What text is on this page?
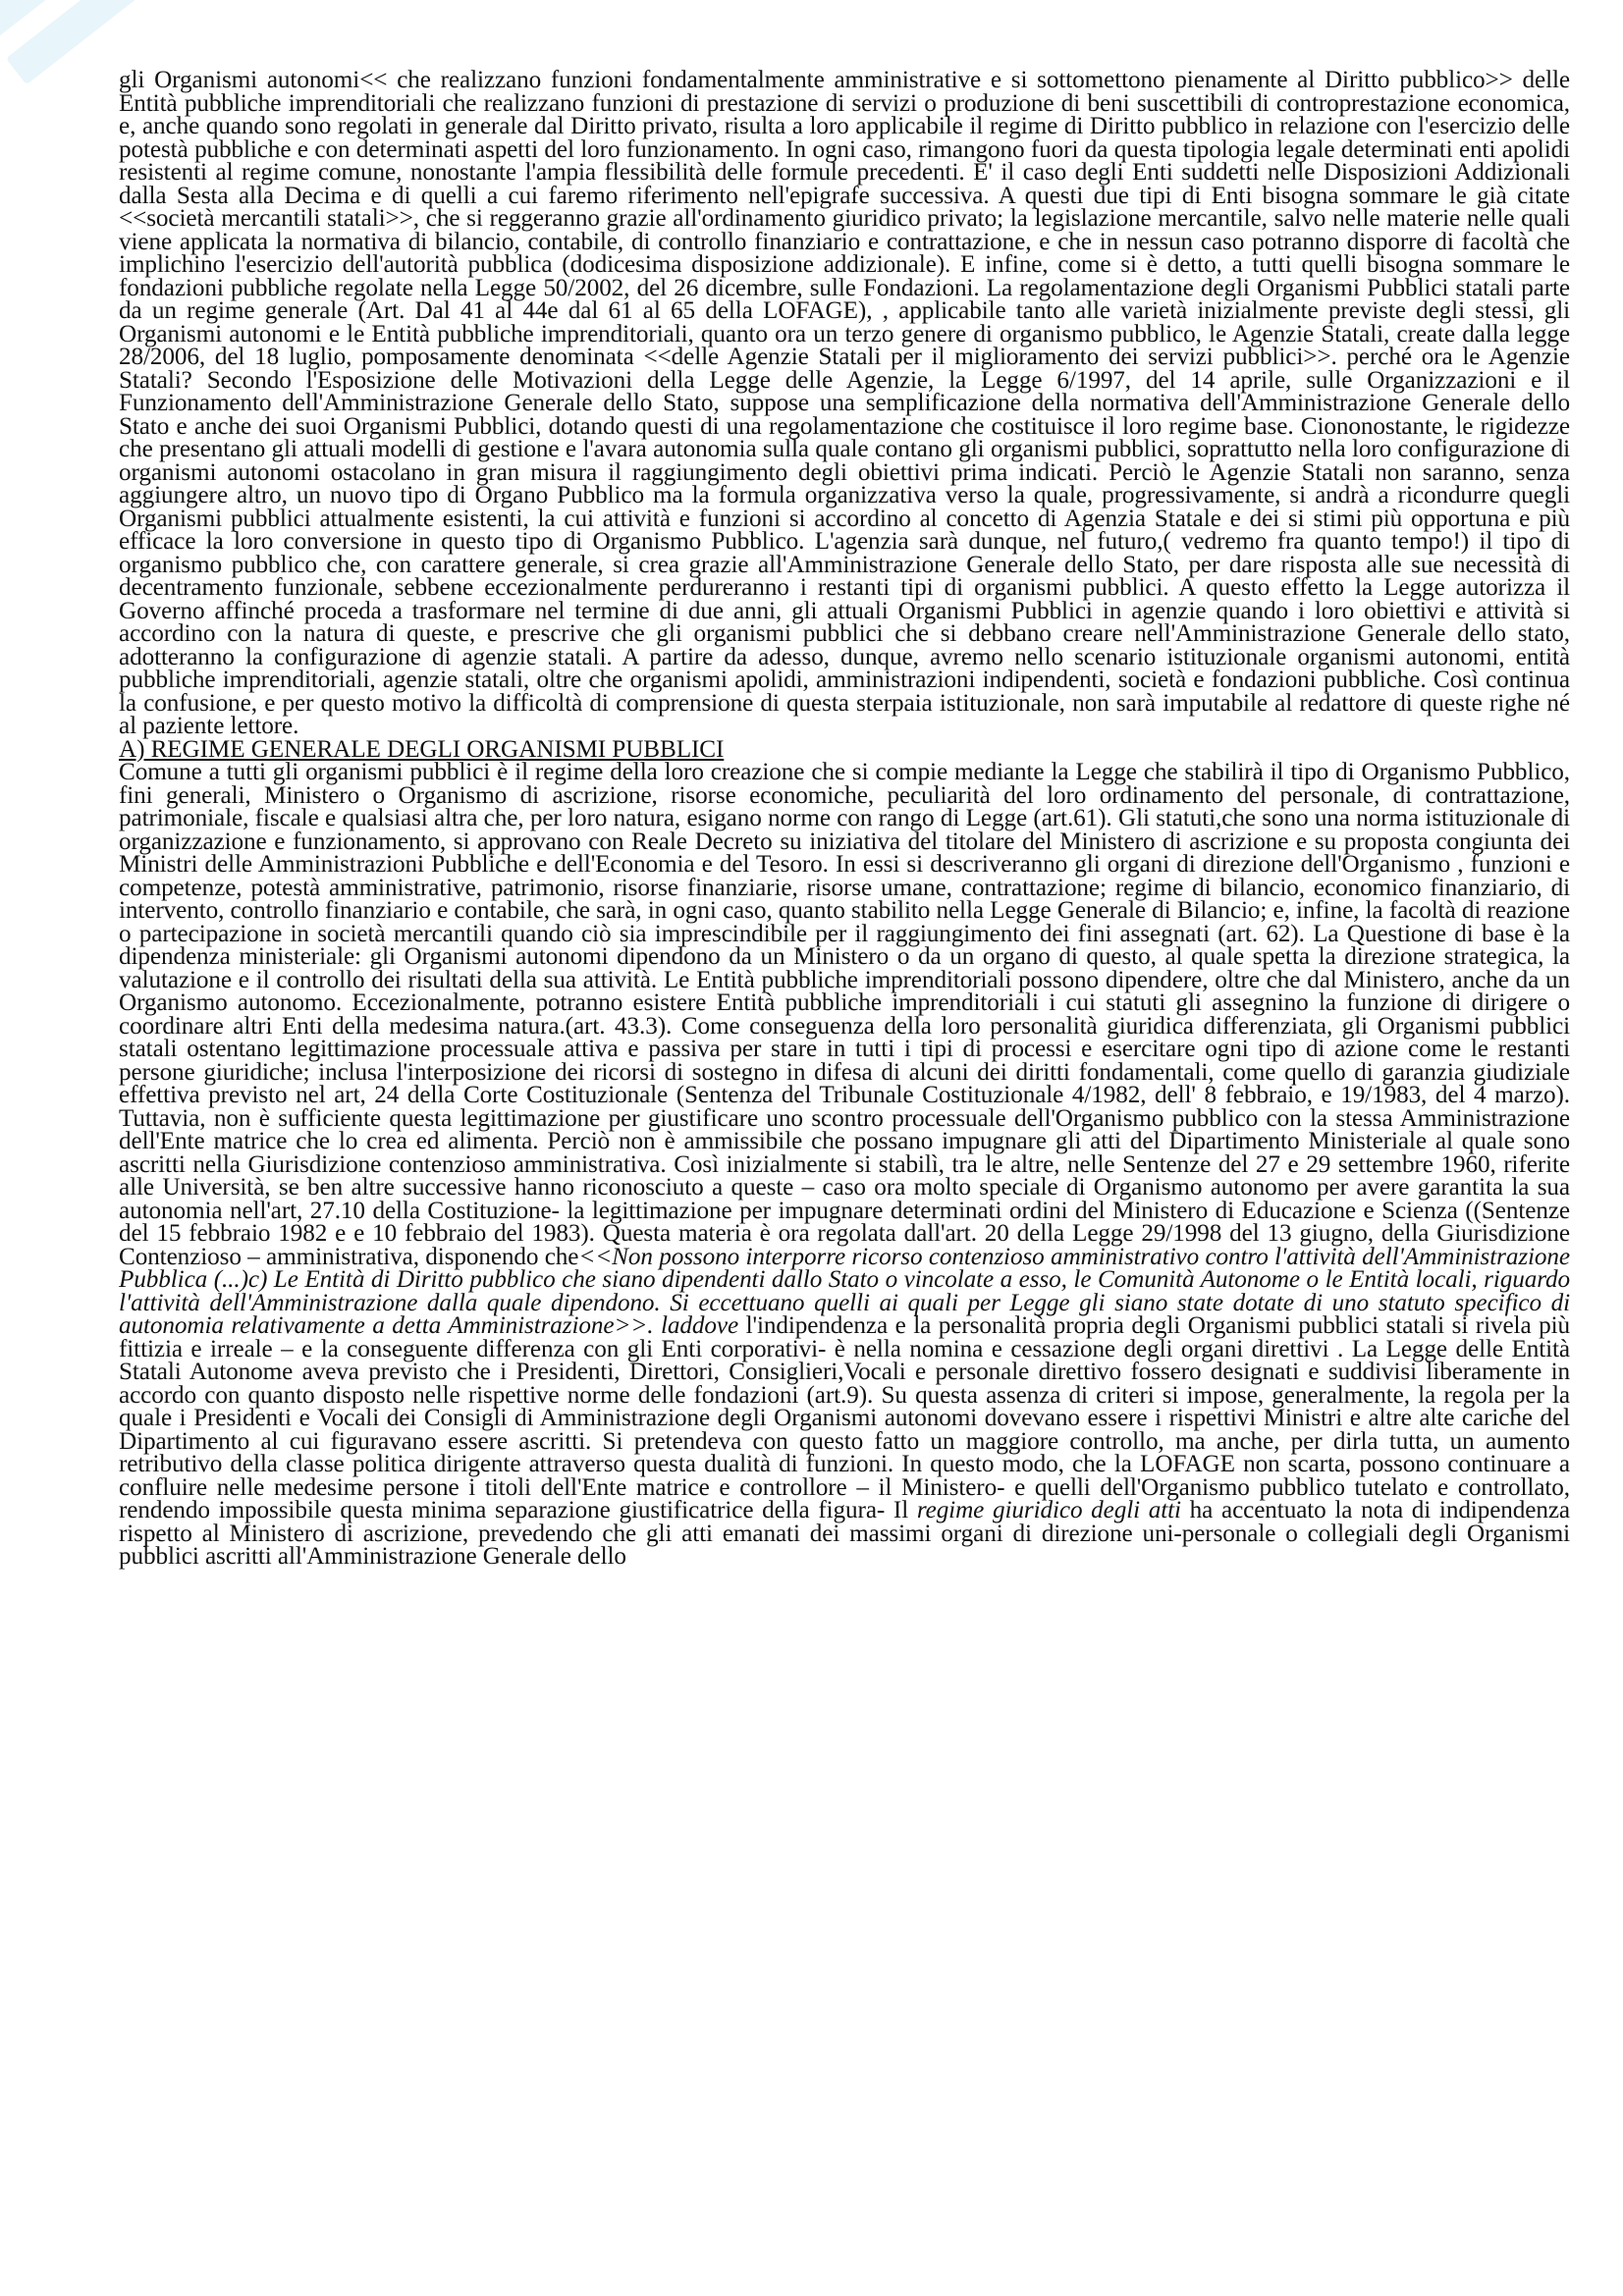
gli Organismi autonomi<< che realizzano funzioni fondamentalmente amministrative e si sottomettono pienamente al Diritto pubblico>> delle Entità pubbliche imprenditoriali che realizzano funzioni di prestazione di servizi o produzione di beni suscettibili di controprestazione economica, e, anche quando sono regolati in generale dal Diritto privato, risulta a loro applicabile il regime di Diritto pubblico in relazione con l'esercizio delle potestà pubbliche e con determinati aspetti del loro funzionamento. In ogni caso, rimangono fuori da questa tipologia legale determinati enti apolidi resistenti al regime comune, nonostante l'ampia flessibilità delle formule precedenti. E' il caso degli Enti suddetti nelle Disposizioni Addizionali dalla Sesta alla Decima e di quelli a cui faremo riferimento nell'epigrafe successiva. A questi due tipi di Enti bisogna sommare le già citate <<società mercantili statali>>, che si reggeranno grazie all'ordinamento giuridico privato; la legislazione mercantile, salvo nelle materie nelle quali viene applicata la normativa di bilancio, contabile, di controllo finanziario e contrattazione, e che in nessun caso potranno disporre di facoltà che implichino l'esercizio dell'autorità pubblica (dodicesima disposizione addizionale). E infine, come si è detto, a tutti quelli bisogna sommare le fondazioni pubbliche regolate nella Legge 50/2002, del 26 dicembre, sulle Fondazioni. La regolamentazione degli Organismi Pubblici statali parte da un regime generale (Art. Dal 41 al 44e dal 61 al 65 della LOFAGE), , applicabile tanto alle varietà inizialmente previste degli stessi, gli Organismi autonomi e le Entità pubbliche imprenditoriali, quanto ora un terzo genere di organismo pubblico, le Agenzie Statali, create dalla legge 28/2006, del 18 luglio, pomposamente denominata <<delle Agenzie Statali per il miglioramento dei servizi pubblici>>. perché ora le Agenzie Statali? Secondo l'Esposizione delle Motivazioni della Legge delle Agenzie, la Legge 6/1997, del 14 aprile, sulle Organizzazioni e il Funzionamento dell'Amministrazione Generale dello Stato, suppose una semplificazione della normativa dell'Amministrazione Generale dello Stato e anche dei suoi Organismi Pubblici, dotando questi di una regolamentazione che costituisce il loro regime base. Ciononostante, le rigidezze che presentano gli attuali modelli di gestione e l'avara autonomia sulla quale contano gli organismi pubblici, soprattutto nella loro configurazione di organismi autonomi ostacolano in gran misura il raggiungimento degli obiettivi prima indicati. Perciò le Agenzie Statali non saranno, senza aggiungere altro, un nuovo tipo di Organo Pubblico ma la formula organizzativa verso la quale, progressivamente, si andrà a ricondurre quegli Organismi pubblici attualmente esistenti, la cui attività e funzioni si accordino al concetto di Agenzia Statale e dei si stimi più opportuna e più efficace la loro conversione in questo tipo di Organismo Pubblico. L'agenzia sarà dunque, nel futuro,( vedremo fra quanto tempo!) il tipo di organismo pubblico che, con carattere generale, si crea grazie all'Amministrazione Generale dello Stato, per dare risposta alle sue necessità di decentramento funzionale, sebbene eccezionalmente perdureranno i restanti tipi di organismi pubblici. A questo effetto la Legge autorizza il Governo affinché proceda a trasformare nel termine di due anni, gli attuali Organismi Pubblici in agenzie quando i loro obiettivi e attività si accordino con la natura di queste, e prescrive che gli organismi pubblici che si debbano creare nell'Amministrazione Generale dello stato, adotteranno la configurazione di agenzie statali. A partire da adesso, dunque, avremo nello scenario istituzionale organismi autonomi, entità pubbliche imprenditoriali, agenzie statali, oltre che organismi apolidi, amministrazioni indipendenti, società e fondazioni pubbliche. Così continua la confusione, e per questo motivo la difficoltà di comprensione di questa sterpaia istituzionale, non sarà imputabile al redattore di queste righe né al paziente lettore.

A) REGIME GENERALE DEGLI ORGANISMI PUBBLICI

Comune a tutti gli organismi pubblici è il regime della loro creazione che si compie mediante la Legge che stabilirà il tipo di Organismo Pubblico, fini generali, Ministero o Organismo di ascrizione, risorse economiche, peculiarità del loro ordinamento del personale, di contrattazione, patrimoniale, fiscale e qualsiasi altra che, per loro natura, esigano norme con rango di Legge (art.61). Gli statuti,che sono una norma istituzionale di organizzazione e funzionamento, si approvano con Reale Decreto su iniziativa del titolare del Ministero di ascrizione e su proposta congiunta dei Ministri delle Amministrazioni Pubbliche e dell'Economia e del Tesoro. In essi si descriveranno gli organi di direzione dell'Organismo , funzioni e competenze, potestà amministrative, patrimonio, risorse finanziarie, risorse umane, contrattazione; regime di bilancio, economico finanziario, di intervento, controllo finanziario e contabile, che sarà, in ogni caso, quanto stabilito nella Legge Generale di Bilancio; e, infine, la facoltà di reazione o partecipazione in società mercantili quando ciò sia imprescindibile per il raggiungimento dei fini assegnati (art. 62). La Questione di base è la dipendenza ministeriale: gli Organismi autonomi dipendono da un Ministero o da un organo di questo, al quale spetta la direzione strategica, la valutazione e il controllo dei risultati della sua attività. Le Entità pubbliche imprenditoriali possono dipendere, oltre che dal Ministero, anche da un Organismo autonomo. Eccezionalmente, potranno esistere Entità pubbliche imprenditoriali i cui statuti gli assegnino la funzione di dirigere o coordinare altri Enti della medesima natura.(art. 43.3). Come conseguenza della loro personalità giuridica differenziata, gli Organismi pubblici statali ostentano legittimazione processuale attiva e passiva per stare in tutti i tipi di processi e esercitare ogni tipo di azione come le restanti persone giuridiche; inclusa l'interposizione dei ricorsi di sostegno in difesa di alcuni dei diritti fondamentali, come quello di garanzia giudiziale effettiva previsto nel art, 24 della Corte Costituzionale (Sentenza del Tribunale Costituzionale 4/1982, dell' 8 febbraio, e 19/1983, del 4 marzo). Tuttavia, non è sufficiente questa legittimazione per giustificare uno scontro processuale dell'Organismo pubblico con la stessa Amministrazione dell'Ente matrice che lo crea ed alimenta. Perciò non è ammissibile che possano impugnare gli atti del Dipartimento Ministeriale al quale sono ascritti nella Giurisdizione contenzioso amministrativa. Così inizialmente si stabilì, tra le altre, nelle Sentenze del 27 e 29 settembre 1960, riferite alle Università, se ben altre successive hanno riconosciuto a queste – caso ora molto speciale di Organismo autonomo per avere garantita la sua autonomia nell'art, 27.10 della Costituzione- la legittimazione per impugnare determinati ordini del Ministero di Educazione e Scienza ((Sentenze del 15 febbraio 1982 e e 10 febbraio del 1983). Questa materia è ora regolata dall'art. 20 della Legge 29/1998 del 13 giugno, della Giurisdizione Contenzioso – amministrativa, disponendo che<<Non possono interporre ricorso contenzioso amministrativo contro l'attività dell'Amministrazione Pubblica (...)c) Le Entità di Diritto pubblico che siano dipendenti dallo Stato o vincolate a esso, le Comunità Autonome o le Entità locali, riguardo l'attività dell'Amministrazione dalla quale dipendono. Si eccettuano quelli ai quali per Legge gli siano state dotate di uno statuto specifico di autonomia relativamente a detta Amministrazione>>. laddove l'indipendenza e la personalità propria degli Organismi pubblici statali si rivela più fittizia e irreale – e la conseguente differenza con gli Enti corporativi- è nella nomina e cessazione degli organi direttivi . La Legge delle Entità Statali Autonome aveva previsto che i Presidenti, Direttori, Consiglieri,Vocali e personale direttivo fossero designati e suddivisi liberamente in accordo con quanto disposto nelle rispettive norme delle fondazioni (art.9). Su questa assenza di criteri si impose, generalmente, la regola per la quale i Presidenti e Vocali dei Consigli di Amministrazione degli Organismi autonomi dovevano essere i rispettivi Ministri e altre alte cariche del Dipartimento al cui figuravano essere ascritti. Si pretendeva con questo fatto un maggiore controllo, ma anche, per dirla tutta, un aumento retributivo della classe politica dirigente attraverso questa dualità di funzioni. In questo modo, che la LOFAGE non scarta, possono continuare a confluire nelle medesime persone i titoli dell'Ente matrice e controllore – il Ministero- e quelli dell'Organismo pubblico tutelato e controllato, rendendo impossibile questa minima separazione giustificatrice della figura- Il regime giuridico degli atti ha accentuato la nota di indipendenza rispetto al Ministero di ascrizione, prevedendo che gli atti emanati dei massimi organi di direzione uni-personale o collegiali degli Organismi pubblici ascritti all'Amministrazione Generale dello
